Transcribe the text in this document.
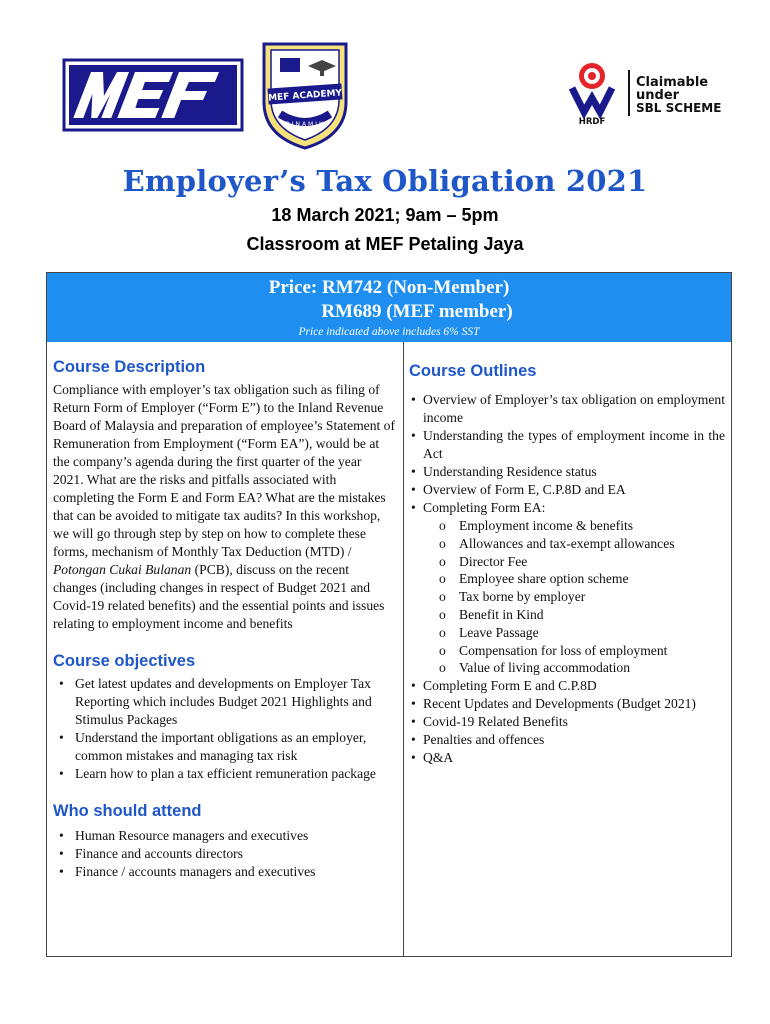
MEF ACADEMY
DINAMIK	HRDF
Claimable
under
SBL SCHEME
Employer’s Tax Obligation 2021
18 March 2021; 9am – 5pm
Classroom at MEF Petaling Jaya
Price: RM742 (Non-Member)
RM689 (MEF member)
Price indicated above includes 6% SST
Course Description

Compliance with employer’s tax obligation such as filing of Return Form of Employer (“Form E”) to the Inland Revenue Board of Malaysia and preparation of employee’s Statement of Remuneration from Employment (“Form EA”), would be at the company’s agenda during the first quarter of the year 2021. What are the risks and pitfalls associated with completing the Form E and Form EA? What are the mistakes that can be avoided to mitigate tax audits? In this workshop, we will go through step by step on how to complete these forms, mechanism of Monthly Tax Deduction (MTD) / Potongan Cukai Bulanan (PCB), discuss on the recent changes (including changes in respect of Budget 2021 and Covid-19 related benefits) and the essential points and issues relating to employment income and benefits

Course objectives
• Get latest updates and developments on Employer Tax Reporting which includes Budget 2021 Highlights and Stimulus Packages
• Understand the important obligations as an employer, common mistakes and managing tax risk
• Learn how to plan a tax efficient remuneration package
Who should attend
• Human Resource managers and executives
• Finance and accounts directors
• Finance / accounts managers and executives
Course Outlines
• Overview of Employer’s tax obligation on employment income
• Understanding the types of employment income in the Act
• Understanding Residence status
• Overview of Form E, C.P.8D and EA
• Completing Form EA:
o Employment income & benefits
o Allowances and tax-exempt allowances
o Director Fee
o Employee share option scheme
o Tax borne by employer
o Benefit in Kind
o Leave Passage
o Compensation for loss of employment
o Value of living accommodation
• Completing Form E and C.P.8D
• Recent Updates and Developments (Budget 2021)
• Covid-19 Related Benefits
• Penalties and offences
• Q&A
